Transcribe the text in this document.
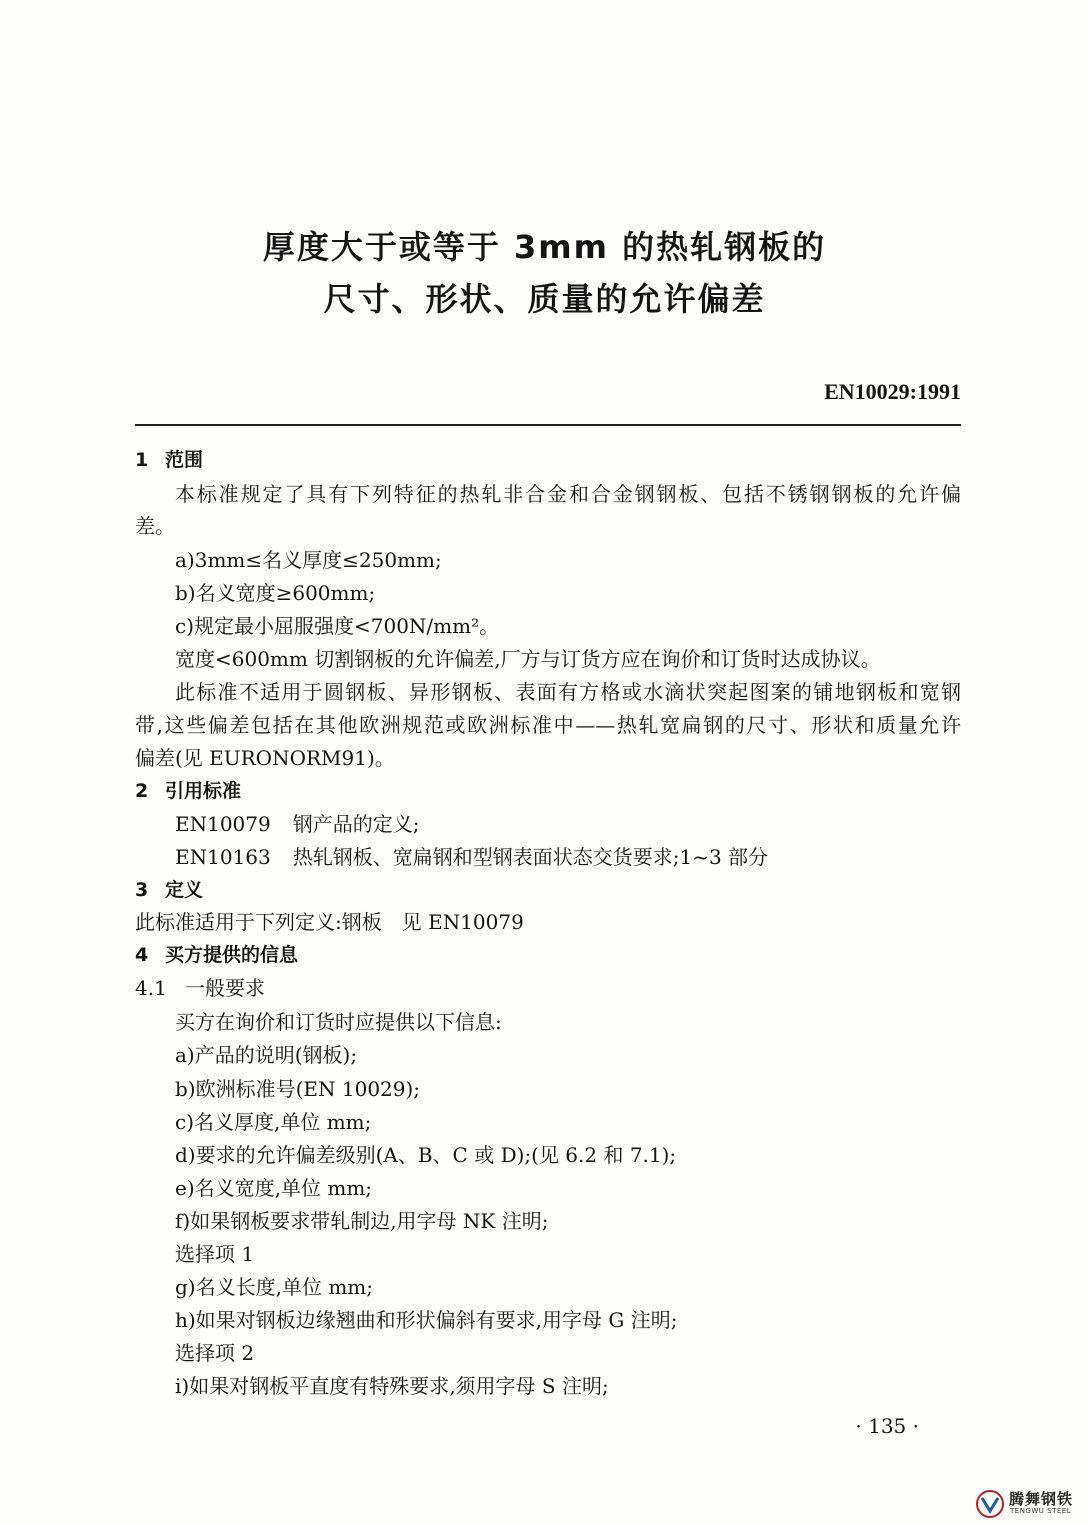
厚度大于或等于 3mm 的热轧钢板的
尺寸、形状、质量的允许偏差
EN10029:1991
1 范围
本标准规定了具有下列特征的热轧非合金和合金钢钢板、包括不锈钢钢板的允许偏
差。
a)3mm≤名义厚度≤250mm;
b)名义宽度≥600mm;
c)规定最小屈服强度<700N/mm²。
宽度<600mm 切割钢板的允许偏差,厂方与订货方应在询价和订货时达成协议。
此标准不适用于圆钢板、异形钢板、表面有方格或水滴状突起图案的铺地钢板和宽钢
带,这些偏差包括在其他欧洲规范或欧洲标准中——热轧宽扁钢的尺寸、形状和质量允许
偏差(见 EURONORM91)。
2 引用标准
EN10079 钢产品的定义;
EN10163 热轧钢板、宽扁钢和型钢表面状态交货要求;1~3 部分
3 定义
此标准适用于下列定义:钢板　见 EN10079
4 买方提供的信息
4.1 一般要求
买方在询价和订货时应提供以下信息:
a)产品的说明(钢板);
b)欧洲标准号(EN 10029);
c)名义厚度,单位 mm;
d)要求的允许偏差级别(A、B、C 或 D);(见 6.2 和 7.1);
e)名义宽度,单位 mm;
f)如果钢板要求带轧制边,用字母 NK 注明;
选择项 1
g)名义长度,单位 mm;
h)如果对钢板边缘翘曲和形状偏斜有要求,用字母 G 注明;
选择项 2
i)如果对钢板平直度有特殊要求,须用字母 S 注明;
· 135 ·
腾舞钢铁
TENGWU STEEL
